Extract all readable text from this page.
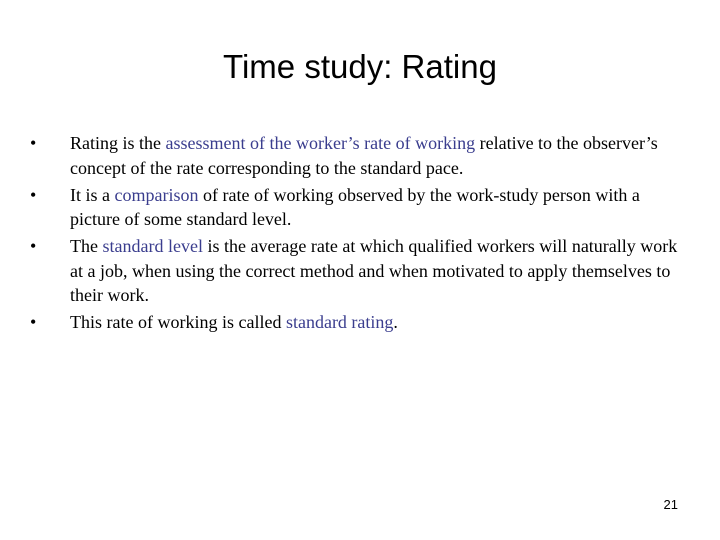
Time study: Rating
•	Rating is the assessment of the worker’s rate of working relative to the observer’s concept of the rate corresponding to the standard pace.
•	It is a comparison of rate of working observed by the work-study person with a picture of some standard level.
•	The standard level is the average rate at which qualified workers will naturally work at a job, when using the correct method and when motivated to apply themselves to their work.
•	This rate of working is called standard rating.
21
